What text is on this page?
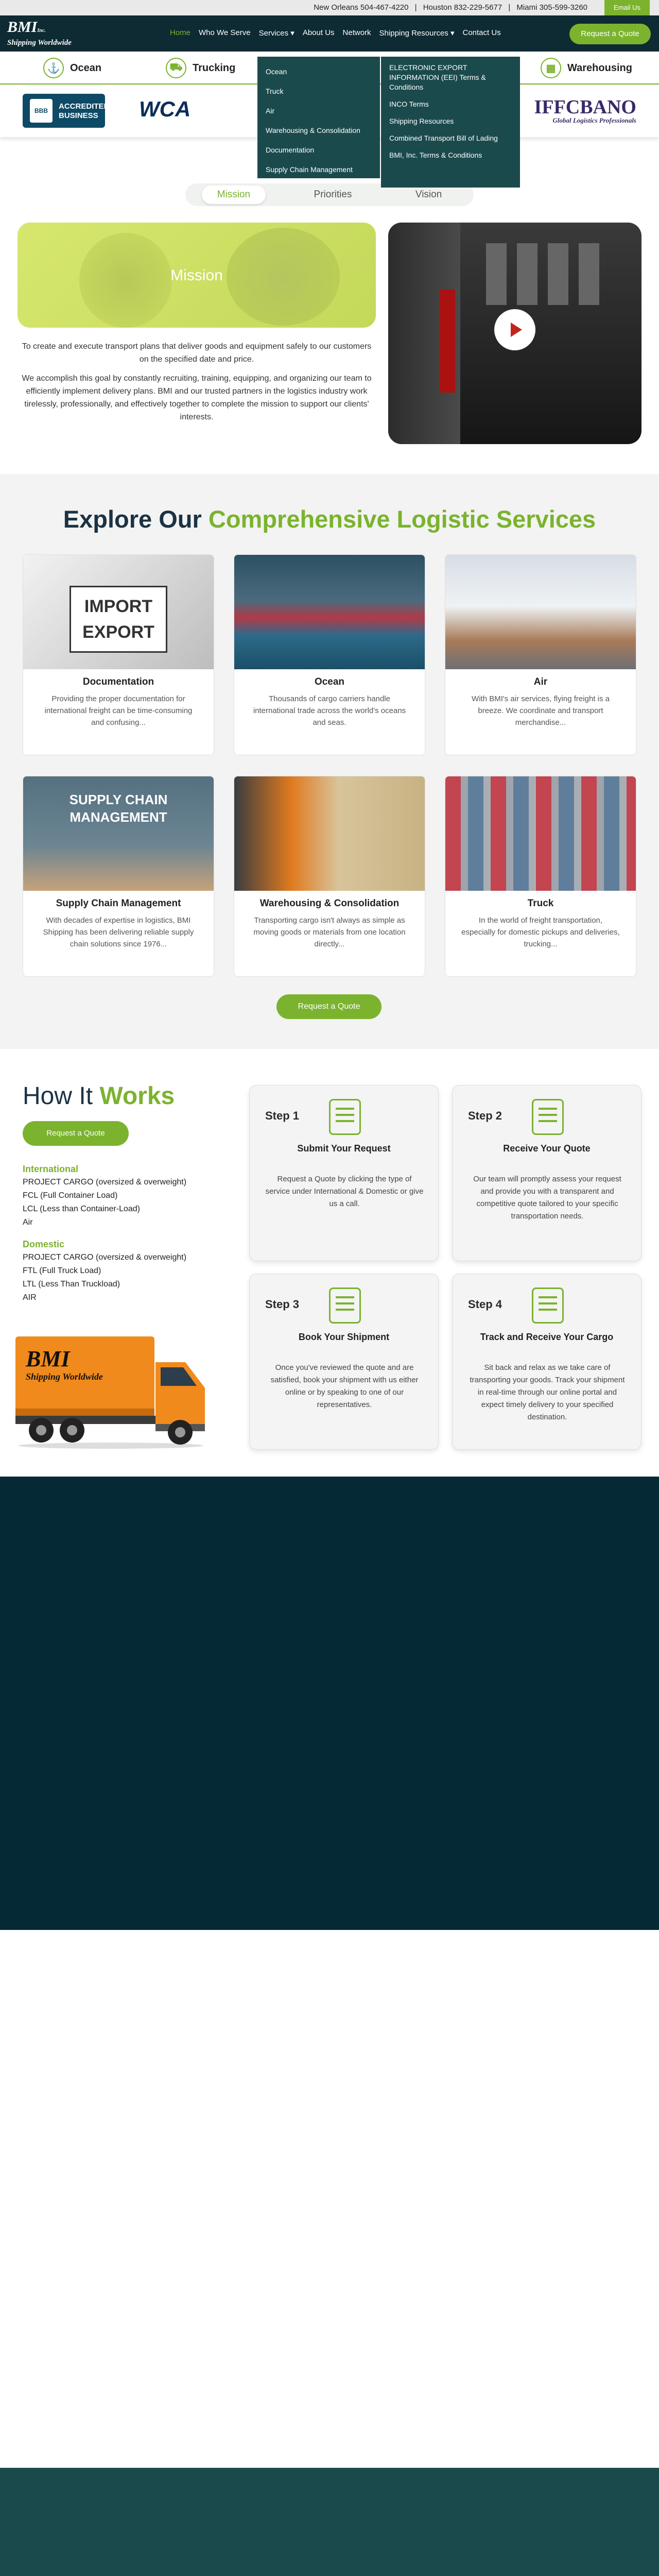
New Orleans 504-467-4220 | Houston 832-229-5677 | Miami 305-599-3260	Email Us
BMIInc.
Shipping Worldwide
Home Who We Serve Services ▾ About Us Network Shipping Resources ▾ Contact Us	Request a Quote
⚓ Ocean	⛟ Trucking	▦	Warehousing
Ocean
Truck
Air
Warehousing & Consolidation
Documentation
Supply Chain Management
ELECTRONIC EXPORT INFORMATION (EEI) Terms & Conditions
INCO Terms
Shipping Resources
Combined Transport Bill of Lading
BMI, Inc. Terms & Conditions
BBB	ACCREDITED BUSINESS	WCA	IFFCBANO
Global Logistics Professionals
Mission	Priorities	Vision
Mission

To create and execute transport plans that deliver goods and equipment safely to our customers on the specified date and price.

We accomplish this goal by constantly recruiting, training, equipping, and organizing our team to efficiently implement delivery plans. BMI and our trusted partners in the logistics industry work tirelessly, professionally, and effectively together to complete the mission to support our clients' interests.

Explore Our Comprehensive Logistic Services
IMPORT
EXPORT
Documentation

Providing the proper documentation for international freight can be time-consuming and confusing...

Ocean

Thousands of cargo carriers handle international trade across the world's oceans and seas.

Air

With BMI's air services, flying freight is a breeze. We coordinate and transport merchandise...

SUPPLY CHAIN MANAGEMENT
Supply Chain Management

With decades of expertise in logistics, BMI Shipping has been delivering reliable supply chain solutions since 1976...

Warehousing & Consolidation

Transporting cargo isn't always as simple as moving goods or materials from one location directly...

Truck

In the world of freight transportation, especially for domestic pickups and deliveries, trucking...

Request a Quote
How It Works
Request a Quote
International
PROJECT CARGO (oversized & overweight)
FCL (Full Container Load)
LCL (Less than Container-Load)
Air
Domestic
PROJECT CARGO (oversized & overweight)
FTL (Full Truck Load)
LTL (Less Than Truckload)
AIR
BMI
Shipping Worldwide
Step 1
Submit Your Request

Request a Quote by clicking the type of service under International & Domestic or give us a call.

Step 2
Receive Your Quote

Our team will promptly assess your request and provide you with a transparent and competitive quote tailored to your specific transportation needs.

Step 3
Book Your Shipment

Once you've reviewed the quote and are satisfied, book your shipment with us either online or by speaking to one of our representatives.

Step 4
Track and Receive Your Cargo

Sit back and relax as we take care of transporting your goods. Track your shipment in real-time through our online portal and expect timely delivery to your specified destination.
